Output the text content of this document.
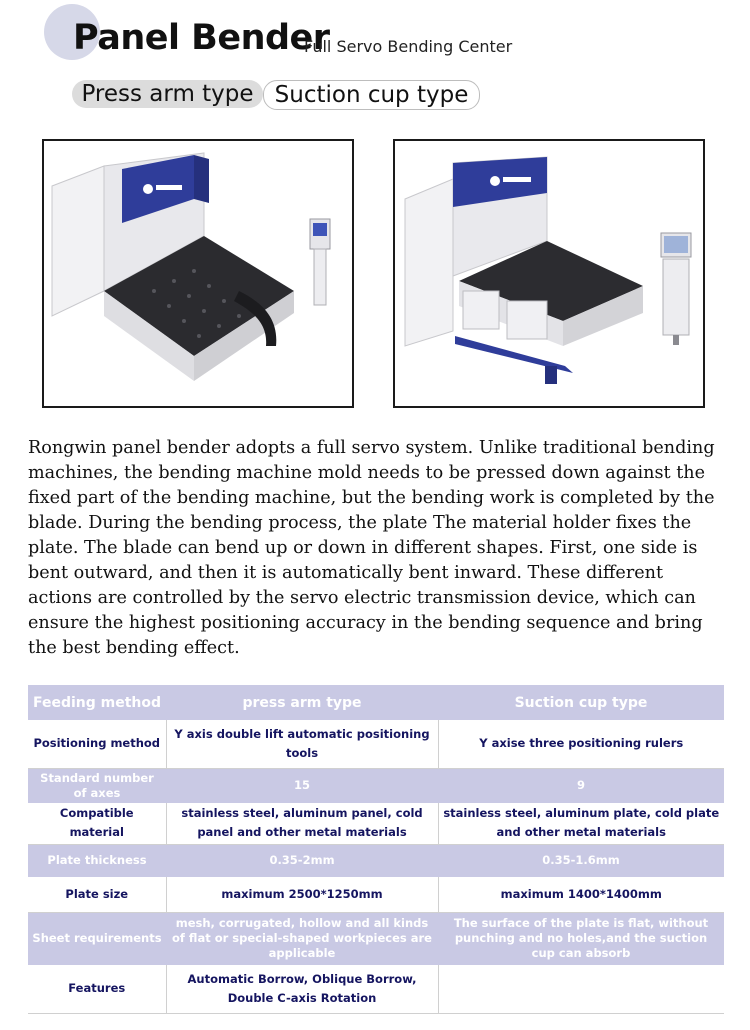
Panel Bender
Full Servo Bending Center
Press arm type Suction cup type
Rongwin panel bender adopts a full servo system. Unlike traditional bending machines, the bending machine mold needs to be pressed down against the fixed part of the bending machine, but the bending work is completed by the blade. During the bending process, the plate The material holder fixes the plate. The blade can bend up or down in different shapes. First, one side is bent outward, and then it is automatically bent inward. These different actions are controlled by the servo electric transmission device, which can ensure the highest positioning accuracy in the bending sequence and bring the best bending effect.
Feeding method	press arm type	Suction cup type
Positioning method	Y axis double lift automatic positioning tools	Y axise three positioning rulers
Standard number of axes	15	9
Compatible material	stainless steel, aluminum panel, cold panel and other metal materials	stainless steel, aluminum plate, cold plate and other metal materials
Plate thickness	0.35-2mm	0.35-1.6mm
Plate size	maximum 2500*1250mm	maximum 1400*1400mm
Sheet requirements	mesh, corrugated, hollow and all kinds of flat or special-shaped workpieces are applicable	The surface of the plate is flat, without punching and no holes,and the suction cup can absorb
Features	Automatic Borrow, Oblique Borrow, Double C-axis Rotation	
